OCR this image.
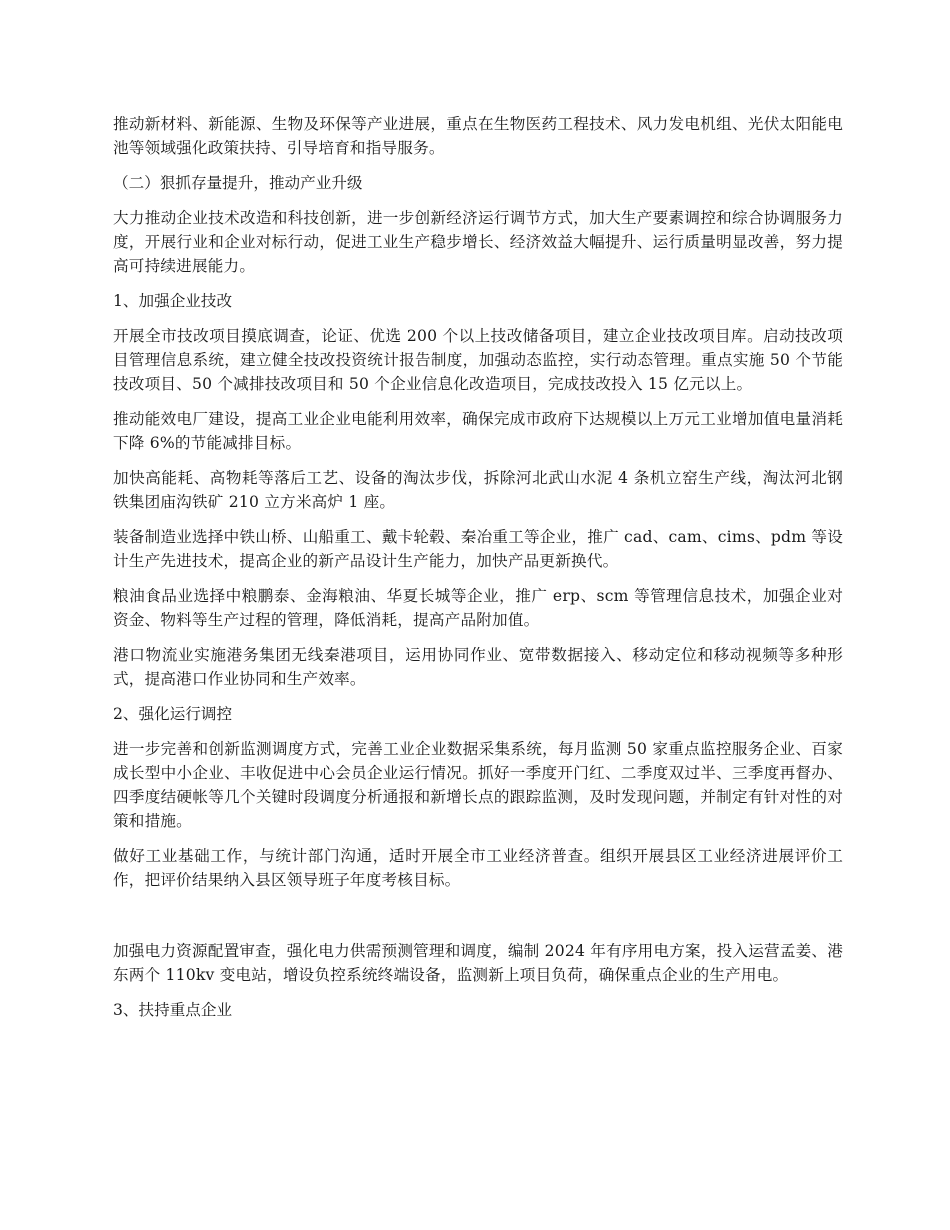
推动新材料、新能源、生物及环保等产业进展，重点在生物医药工程技术、风力发电机组、光伏太阳能电池等领域强化政策扶持、引导培育和指导服务。

（二）狠抓存量提升，推动产业升级

大力推动企业技术改造和科技创新，进一步创新经济运行调节方式，加大生产要素调控和综合协调服务力度，开展行业和企业对标行动，促进工业生产稳步增长、经济效益大幅提升、运行质量明显改善，努力提高可持续进展能力。

1、加强企业技改

开展全市技改项目摸底调查，论证、优选 200 个以上技改储备项目，建立企业技改项目库。启动技改项目管理信息系统，建立健全技改投资统计报告制度，加强动态监控，实行动态管理。重点实施 50 个节能技改项目、50 个减排技改项目和 50 个企业信息化改造项目，完成技改投入 15 亿元以上。

推动能效电厂建设，提高工业企业电能利用效率，确保完成市政府下达规模以上万元工业增加值电量消耗下降 6%的节能减排目标。

加快高能耗、高物耗等落后工艺、设备的淘汰步伐，拆除河北武山水泥 4 条机立窑生产线，淘汰河北钢铁集团庙沟铁矿 210 立方米高炉 1 座。

装备制造业选择中铁山桥、山船重工、戴卡轮毂、秦冶重工等企业，推广 cad、cam、cims、pdm 等设计生产先进技术，提高企业的新产品设计生产能力，加快产品更新换代。

粮油食品业选择中粮鹏泰、金海粮油、华夏长城等企业，推广 erp、scm 等管理信息技术，加强企业对资金、物料等生产过程的管理，降低消耗，提高产品附加值。

港口物流业实施港务集团无线秦港项目，运用协同作业、宽带数据接入、移动定位和移动视频等多种形式，提高港口作业协同和生产效率。

2、强化运行调控

进一步完善和创新监测调度方式，完善工业企业数据采集系统，每月监测 50 家重点监控服务企业、百家成长型中小企业、丰收促进中心会员企业运行情况。抓好一季度开门红、二季度双过半、三季度再督办、四季度结硬帐等几个关键时段调度分析通报和新增长点的跟踪监测，及时发现问题，并制定有针对性的对策和措施。

做好工业基础工作，与统计部门沟通，适时开展全市工业经济普查。组织开展县区工业经济进展评价工作，把评价结果纳入县区领导班子年度考核目标。

加强电力资源配置审查，强化电力供需预测管理和调度，编制 2024 年有序用电方案，投入运营孟姜、港东两个 110kv 变电站，增设负控系统终端设备，监测新上项目负荷，确保重点企业的生产用电。

3、扶持重点企业
